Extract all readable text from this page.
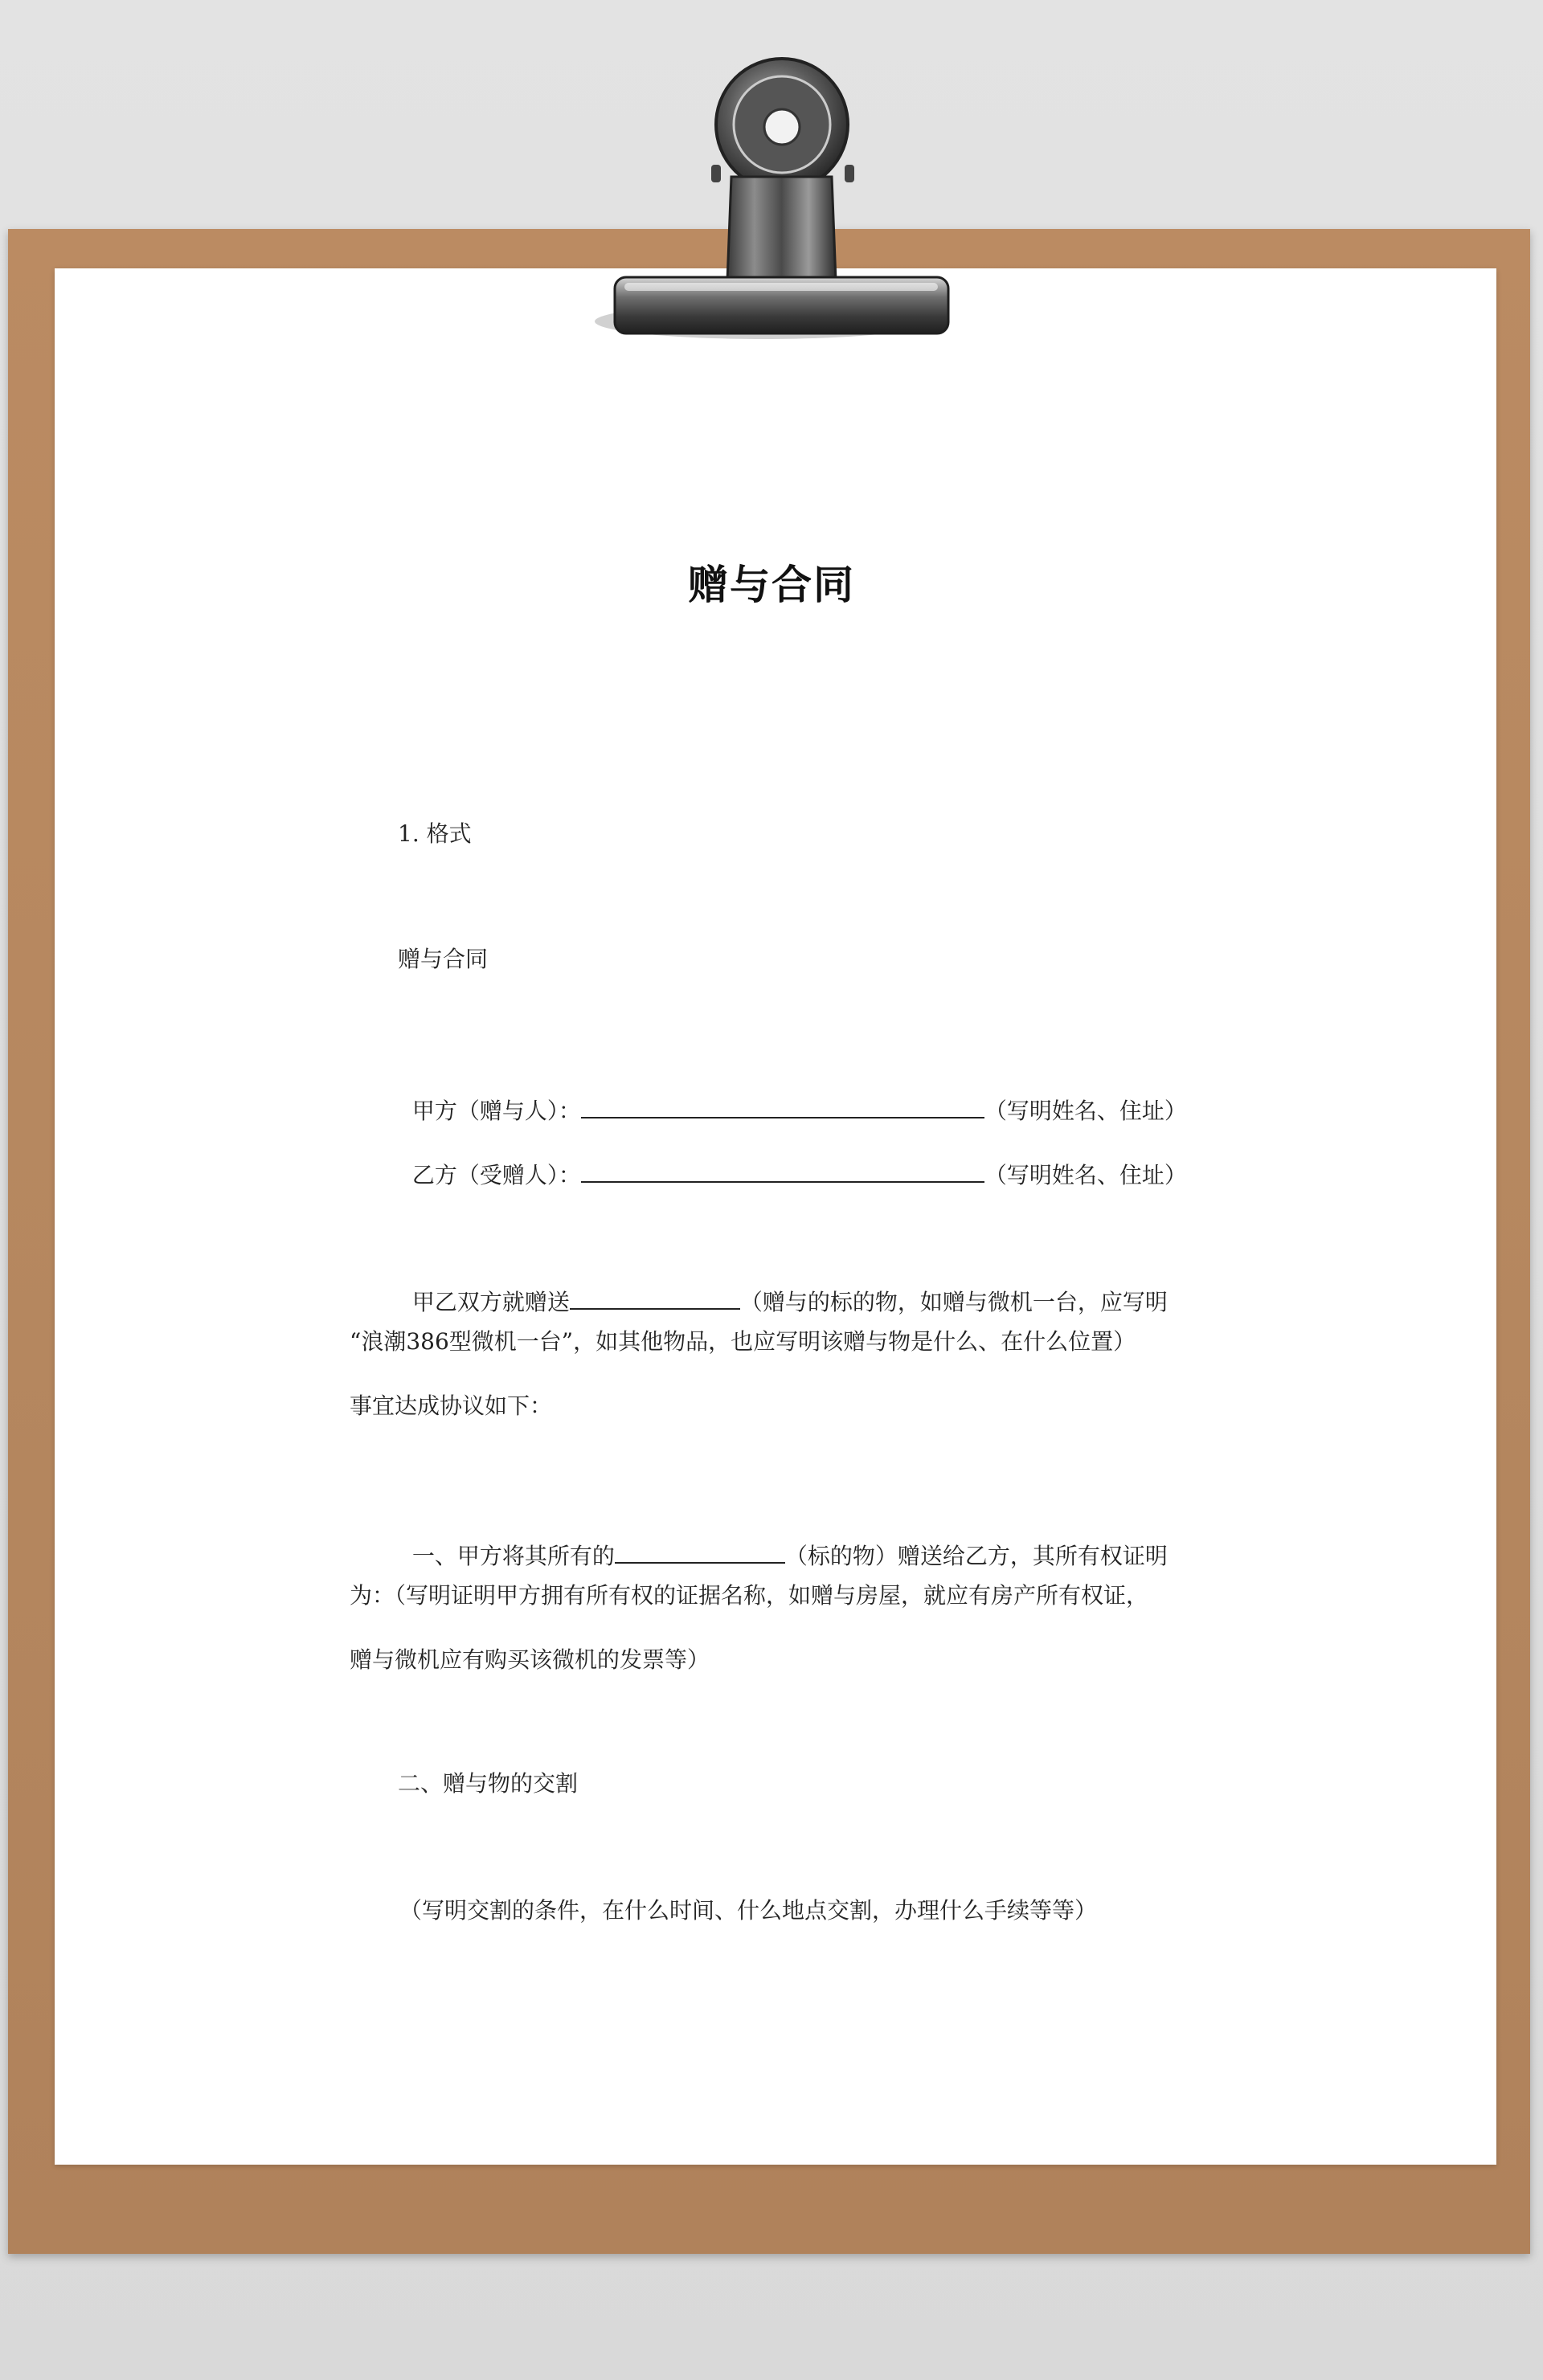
赠与合同

1. 格式

赠与合同

甲方（赠与人）：	（写明姓名、住址）

乙方（受赠人）：	（写明姓名、住址）

甲乙双方就赠送	（赠与的标的物，如赠与微机一台，应写明

“浪潮386型微机一台”，如其他物品，也应写明该赠与物是什么、在什么位置）

事宜达成协议如下：

一、甲方将其所有的	（标的物）赠送给乙方，其所有权证明

为：（写明证明甲方拥有所有权的证据名称，如赠与房屋，就应有房产所有权证，

赠与微机应有购买该微机的发票等）

二、赠与物的交割

（写明交割的条件，在什么时间、什么地点交割，办理什么手续等等）
